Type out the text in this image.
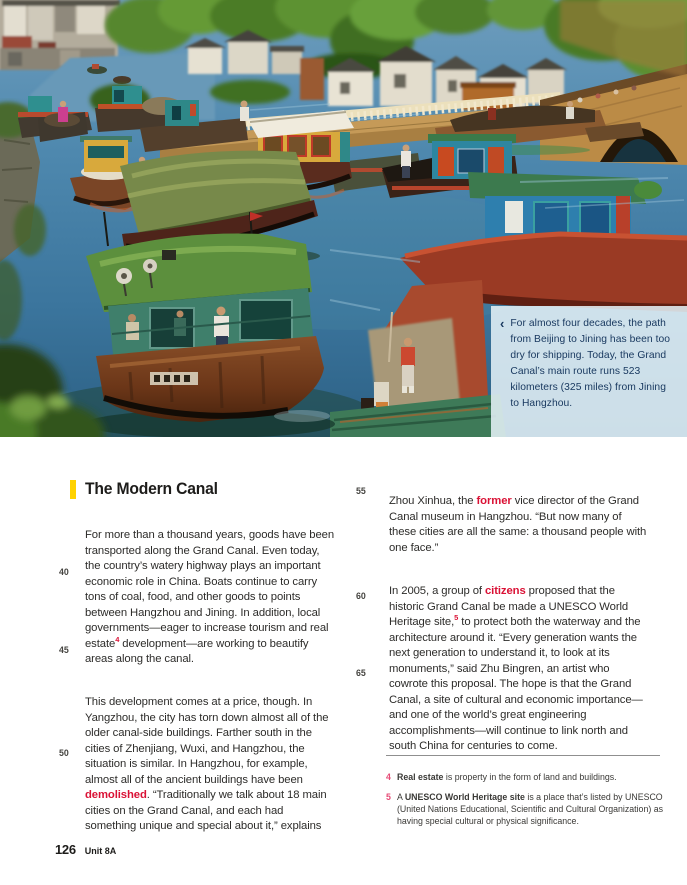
‹ For almost four decades, the path from Beijing to Jining has been too dry for shipping. Today, the Grand Canal’s main route runs 523 kilometers (325 miles) from Jining to Hangzhou.
The Modern Canal
40
45
50
55
60
65

For more than a thousand years, goods have been transported along the Grand Canal. Even today, the country’s watery highway plays an important economic role in China. Boats continue to carry tons of coal, food, and other goods to points between Hangzhou and Jining. In addition, local governments—eager to increase tourism and real estate$^4$ development—are working to beautify areas along the canal.

This development comes at a price, though. In Yangzhou, the city has torn down almost all of the older canal-side buildings. Farther south in the cities of Zhenjiang, Wuxi, and Hangzhou, the situation is similar. In Hangzhou, for example, almost all of the ancient buildings have been demolished. “Traditionally we talk about 18 main cities on the Grand Canal, and each had something unique and special about it,” explains

Zhou Xinhua, the former vice director of the Grand Canal museum in Hangzhou. “But now many of these cities are all the same: a thousand people with one face.”

In 2005, a group of citizens proposed that the historic Grand Canal be made a UNESCO World Heritage site,$^5$ to protect both the waterway and the architecture around it. “Every generation wants the next generation to understand it, to look at its monuments,” said Zhu Bingren, an artist who cowrote this proposal. The hope is that the Grand Canal, a site of cultural and economic importance—and one of the world’s great engineering accomplishments—will continue to link north and south China for centuries to come.

4 Real estate is property in the form of land and buildings.

5 A UNESCO World Heritage site is a place that’s listed by UNESCO (United Nations Educational, Scientific and Cultural Organization) as having special cultural or physical significance.

126 Unit 8A
